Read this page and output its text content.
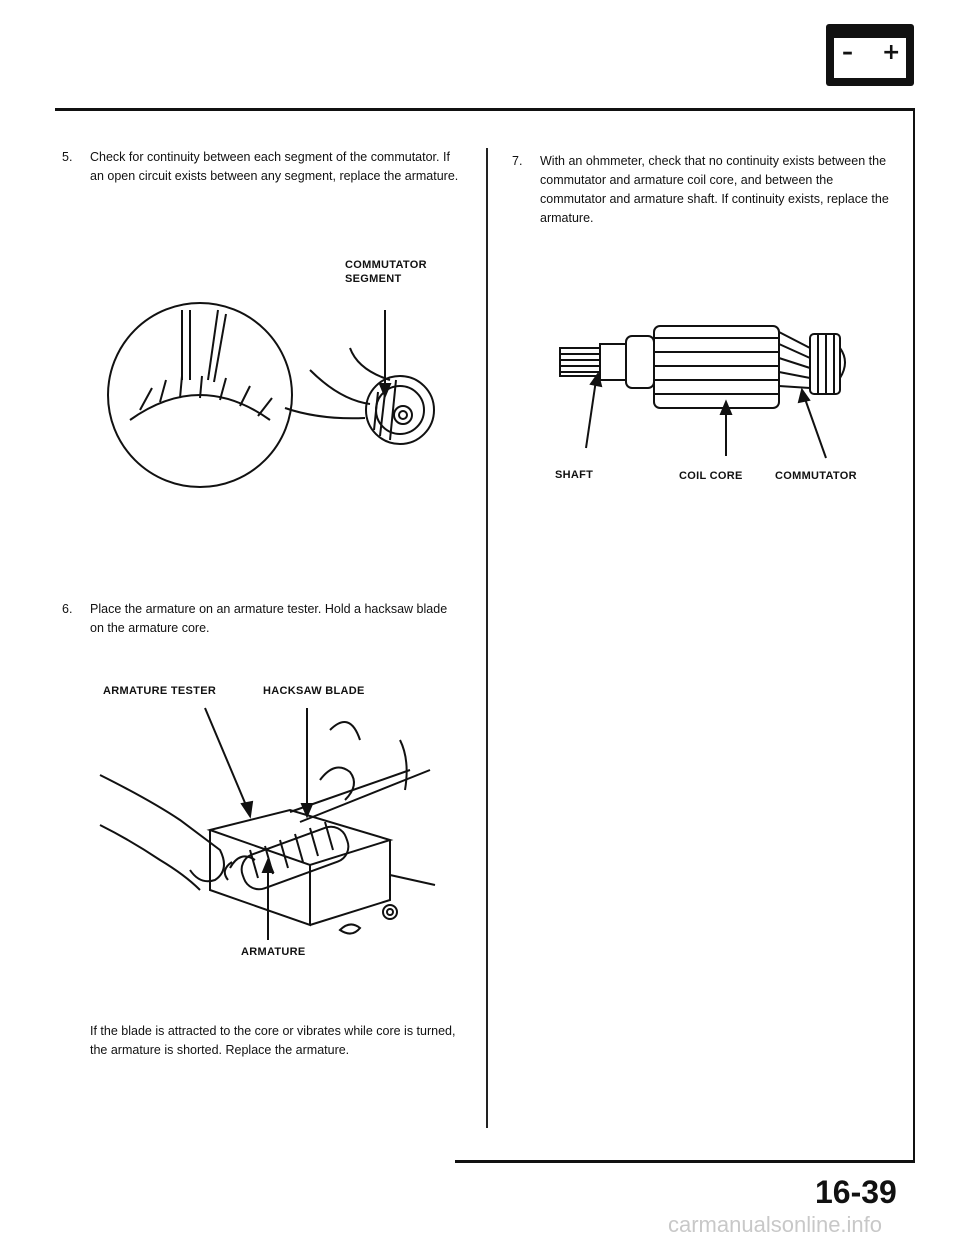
– +
5. Check for continuity between each segment of the commutator. If an open circuit exists between any segment, replace the armature.
COMMUTATOR
SEGMENT
6. Place the armature on an armature tester. Hold a hacksaw blade on the armature core.
ARMATURE TESTER	HACKSAW BLADE
ARMATURE
If the blade is attracted to the core or vibrates while core is turned, the armature is shorted. Replace the armature.
7. With an ohmmeter, check that no continuity exists between the commutator and armature coil core, and between the commutator and armature shaft. If continuity exists, replace the armature.
SHAFT	COIL CORE	COMMUTATOR
16-39
carmanualsonline.info
